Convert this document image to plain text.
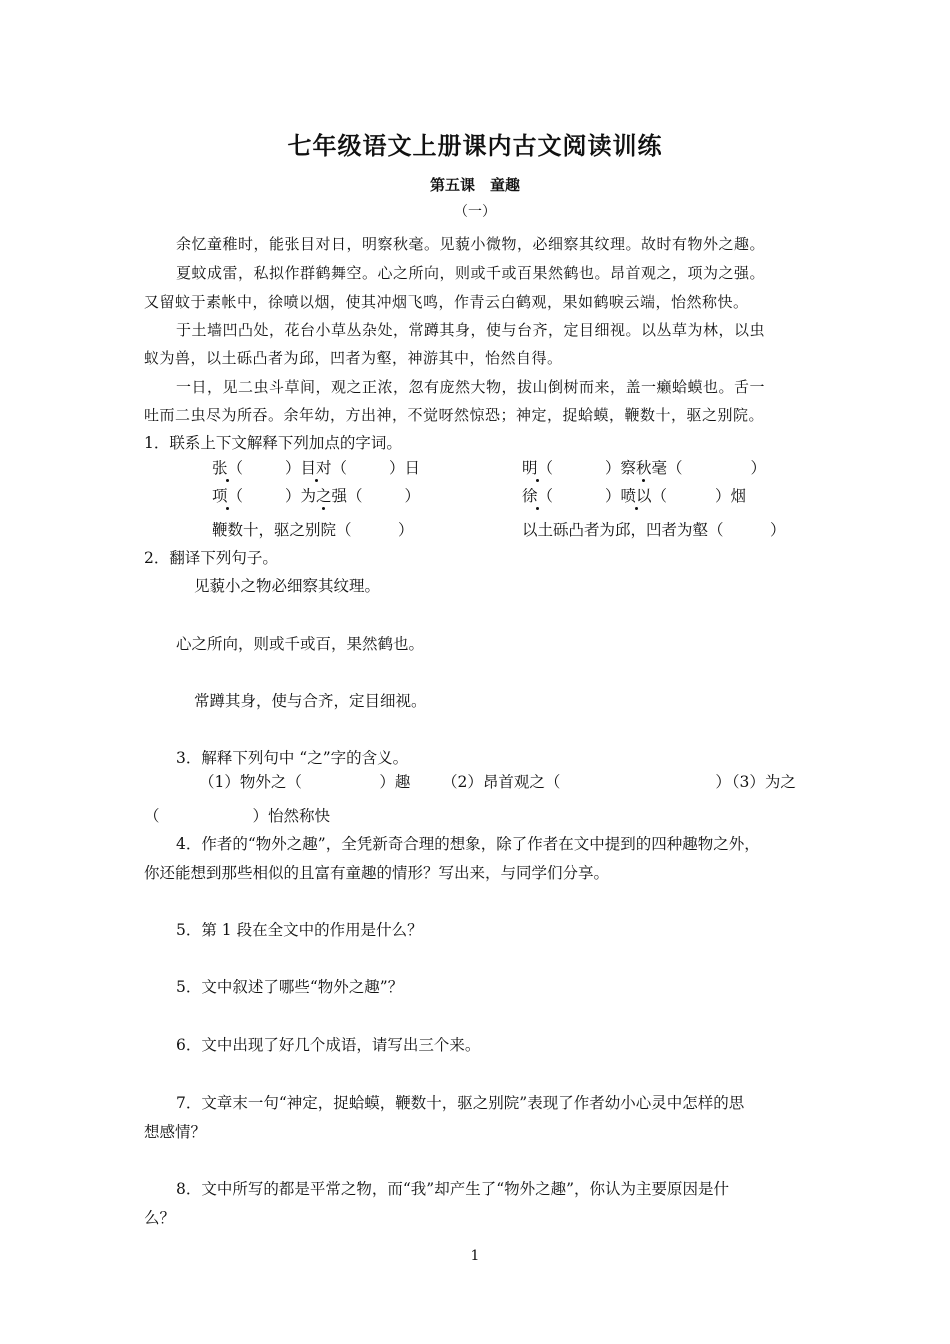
七年级语文上册课内古文阅读训练
第五课　童趣
（一）
余忆童稚时，能张目对日，明察秋毫。见藐小微物，必细察其纹理。故时有物外之趣。
夏蚊成雷，私拟作群鹤舞空。心之所向，则或千或百果然鹤也。昂首观之，项为之强。
又留蚊于素帐中，徐喷以烟，使其冲烟飞鸣，作青云白鹤观，果如鹤唳云端，怡然称快。
于土墙凹凸处，花台小草丛杂处，常蹲其身，使与台齐，定目细视。以丛草为林，以虫
蚁为兽，以土砾凸者为邱，凹者为壑，神游其中，怡然自得。
一日，见二虫斗草间，观之正浓，忽有庞然大物，拔山倒树而来，盖一癞蛤蟆也。舌一
吐而二虫尽为所吞。余年幼，方出神，不觉呀然惊恐；神定，捉蛤蟆，鞭数十，驱之别院。
1．联系上下文解释下列加点的字词。
张（	）目对（	）日	明（	）察秋毫（	）
项（	）为之强（	）	徐（	）喷以（	）烟
鞭数十，驱之别院（　　　）	以土砾凸者为邱，凹者为壑（　　　）
2．翻译下列句子。
见藐小之物必细察其纹理。
心之所向，则或千或百，果然鹤也。
常蹲其身，使与合齐，定目细视。
3．解释下列句中 “之”字的含义。
（1）物外之（　　　　　）趣 （2）昂首观之（　　　　　　　　　　）
（3）为之
（　　　　　　）怡然称快
4．作者的“物外之趣”，全凭新奇合理的想象，除了作者在文中提到的四种趣物之外，
你还能想到那些相似的且富有童趣的情形？写出来，与同学们分享。
5．第 1 段在全文中的作用是什么？
5．文中叙述了哪些“物外之趣”？
6．文中出现了好几个成语，请写出三个来。
7．文章末一句“神定，捉蛤蟆，鞭数十，驱之别院”表现了作者幼小心灵中怎样的思
想感情？
8．文中所写的都是平常之物，而“我”却产生了“物外之趣”，你认为主要原因是什
么？
1
